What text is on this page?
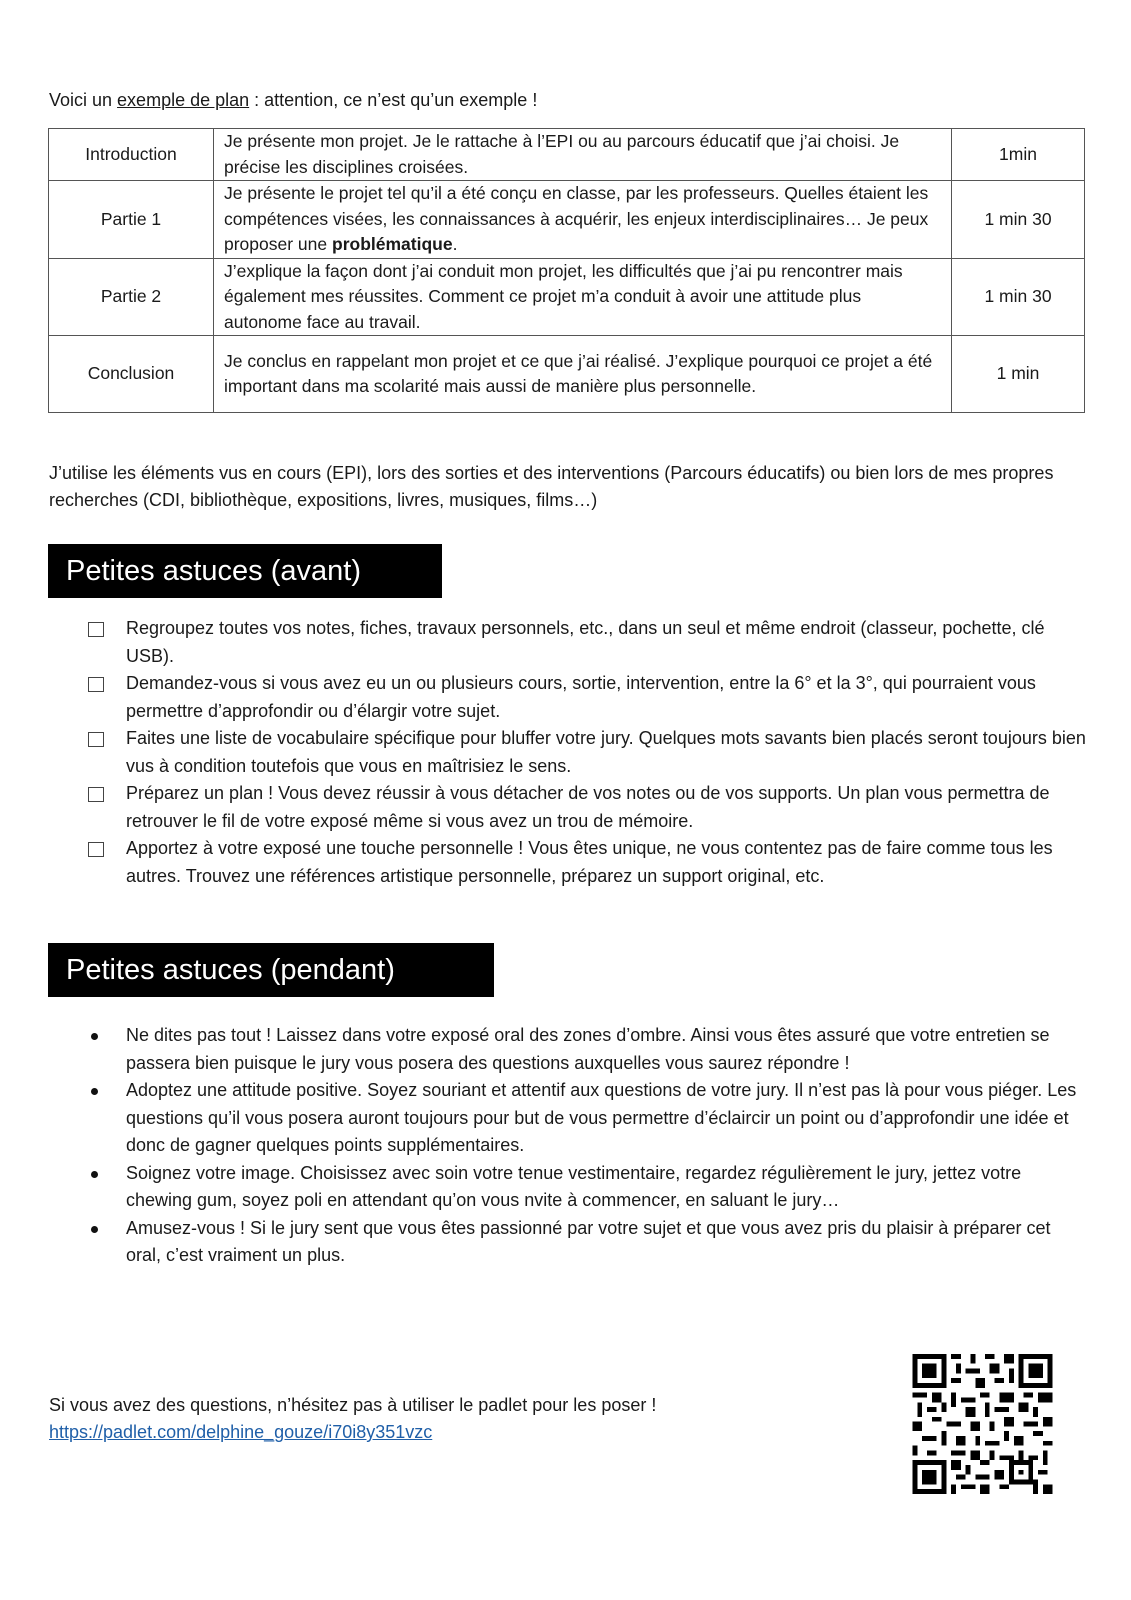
Voici un exemple de plan : attention, ce n’est qu’un exemple !
Introduction	Je présente mon projet. Je le rattache à l’EPI ou au parcours éducatif que j’ai choisi. Je précise les disciplines croisées.	1min
Partie 1	Je présente le projet tel qu’il a été conçu en classe, par les professeurs. Quelles étaient les compétences visées, les connaissances à acquérir, les enjeux interdisciplinaires… Je peux proposer une problématique.	1 min 30
Partie 2	J’explique la façon dont j’ai conduit mon projet, les difficultés que j’ai pu rencontrer mais également mes réussites. Comment ce projet m’a conduit à avoir une attitude plus autonome face au travail.	1 min 30
Conclusion	Je conclus en rappelant mon projet et ce que j’ai réalisé. J’explique pourquoi ce projet a été important dans ma scolarité mais aussi de manière plus personnelle.	1 min

J’utilise les éléments vus en cours (EPI), lors des sorties et des interventions (Parcours éducatifs) ou bien lors de mes propres recherches (CDI, bibliothèque, expositions, livres, musiques, films…)

Petites astuces (avant)
Regroupez toutes vos notes, fiches, travaux personnels, etc., dans un seul et même endroit (classeur, pochette, clé USB).
Demandez-vous si vous avez eu un ou plusieurs cours, sortie, intervention, entre la 6° et la 3°, qui pourraient vous permettre d’approfondir ou d’élargir votre sujet.
Faites une liste de vocabulaire spécifique pour bluffer votre jury. Quelques mots savants bien placés seront toujours bien vus à condition toutefois que vous en maîtrisiez le sens.
Préparez un plan ! Vous devez réussir à vous détacher de vos notes ou de vos supports. Un plan vous permettra de retrouver le fil de votre exposé même si vous avez un trou de mémoire.
Apportez à votre exposé une touche personnelle ! Vous êtes unique, ne vous contentez pas de faire comme tous les autres. Trouvez une références artistique personnelle, préparez un support original, etc.
Petites astuces (pendant)
Ne dites pas tout ! Laissez dans votre exposé oral des zones d’ombre. Ainsi vous êtes assuré que votre entretien se passera bien puisque le jury vous posera des questions auxquelles vous saurez répondre !
Adoptez une attitude positive. Soyez souriant et attentif aux questions de votre jury. Il n’est pas là pour vous piéger. Les questions qu’il vous posera auront toujours pour but de vous permettre d’éclaircir un point ou d’approfondir une idée et donc de gagner quelques points supplémentaires.
Soignez votre image. Choisissez avec soin votre tenue vestimentaire, regardez régulièrement le jury, jettez votre chewing gum, soyez poli en attendant qu’on vous nvite à commencer, en saluant le jury…
Amusez-vous ! Si le jury sent que vous êtes passionné par votre sujet et que vous avez pris du plaisir à préparer cet oral, c’est vraiment un plus.
Si vous avez des questions, n’hésitez pas à utiliser le padlet pour les poser !
https://padlet.com/delphine_gouze/i70i8y351vzc
